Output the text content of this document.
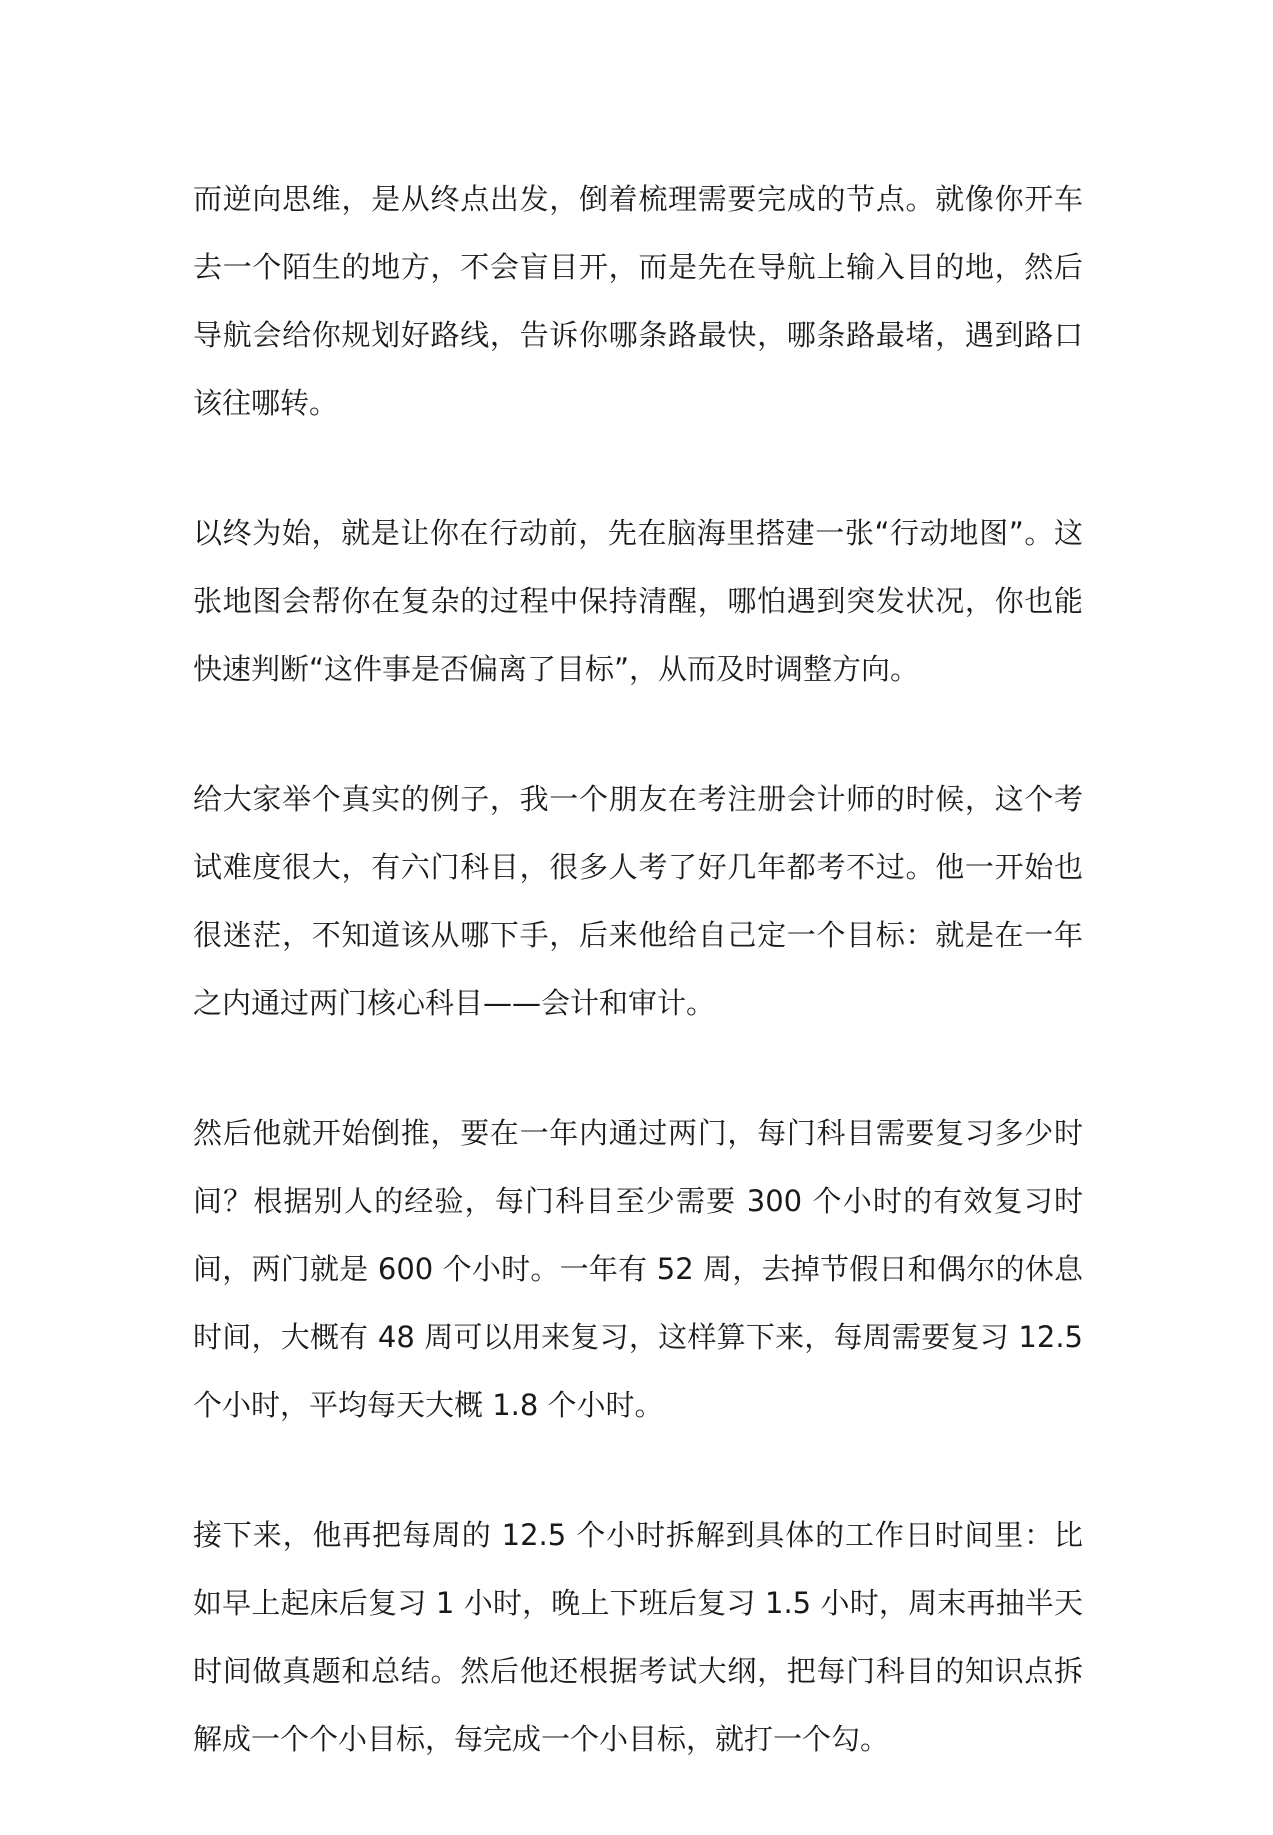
而逆向思维，是从终点出发，倒着梳理需要完成的节点。就像你开车
去一个陌生的地方，不会盲目开，而是先在导航上输入目的地，然后
导航会给你规划好路线，告诉你哪条路最快，哪条路最堵，遇到路口
该往哪转。

以终为始，就是让你在行动前，先在脑海里搭建一张“行动地图”。这
张地图会帮你在复杂的过程中保持清醒，哪怕遇到突发状况，你也能
快速判断“这件事是否偏离了目标”，从而及时调整方向。

给大家举个真实的例子，我一个朋友在考注册会计师的时候，这个考
试难度很大，有六门科目，很多人考了好几年都考不过。他一开始也
很迷茫，不知道该从哪下手，后来他给自己定一个目标：就是在一年
之内通过两门核心科目——会计和审计。

然后他就开始倒推，要在一年内通过两门，每门科目需要复习多少时
间？根据别人的经验，每门科目至少需要 300 个小时的有效复习时
间，两门就是 600 个小时。一年有 52 周，去掉节假日和偶尔的休息
时间，大概有 48 周可以用来复习，这样算下来，每周需要复习 12.5
个小时，平均每天大概 1.8 个小时。

接下来，他再把每周的 12.5 个小时拆解到具体的工作日时间里：比
如早上起床后复习 1 小时，晚上下班后复习 1.5 小时，周末再抽半天
时间做真题和总结。然后他还根据考试大纲，把每门科目的知识点拆
解成一个个小目标，每完成一个小目标，就打一个勾。
